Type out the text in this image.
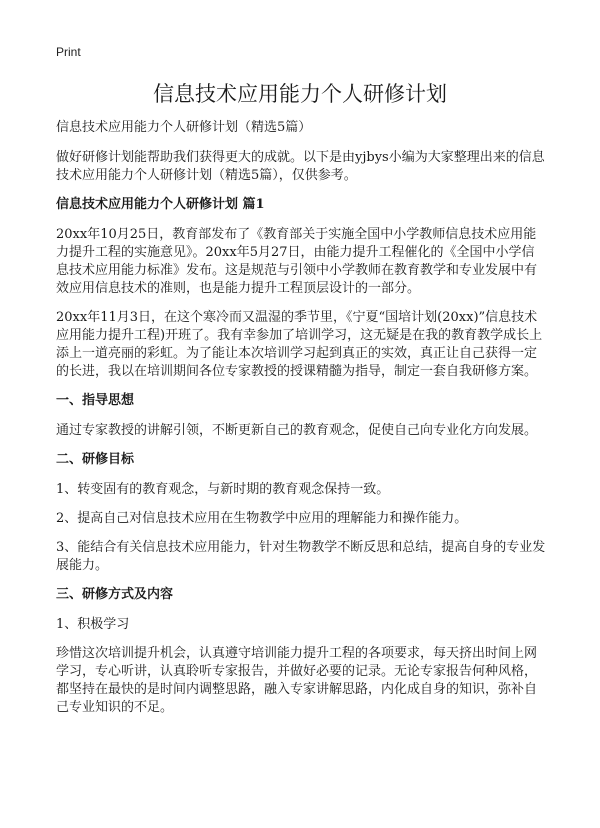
Print
信息技术应用能力个人研修计划

信息技术应用能力个人研修计划（精选5篇）

做好研修计划能帮助我们获得更大的成就。以下是由yjbys小编为大家整理出来的信息技术应用能力个人研修计划（精选5篇），仅供参考。

信息技术应用能力个人研修计划 篇1

20xx年10月25日，教育部发布了《教育部关于实施全国中小学教师信息技术应用能力提升工程的实施意见》。20xx年5月27日，由能力提升工程催化的《全国中小学信息技术应用能力标准》发布。这是规范与引领中小学教师在教育教学和专业发展中有效应用信息技术的准则，也是能力提升工程顶层设计的一部分。

20xx年11月3日，在这个寒冷而又温湿的季节里，《宁夏“国培计划(20xx)”信息技术应用能力提升工程)开班了。我有幸参加了培训学习，这无疑是在我的教育教学成长上添上一道亮丽的彩虹。为了能让本次培训学习起到真正的实效，真正让自己获得一定的长进，我以在培训期间各位专家教授的授课精髓为指导，制定一套自我研修方案。

一、指导思想

通过专家教授的讲解引领，不断更新自己的教育观念，促使自己向专业化方向发展。

二、研修目标

1、转变固有的教育观念，与新时期的教育观念保持一致。

2、提高自己对信息技术应用在生物教学中应用的理解能力和操作能力。

3、能结合有关信息技术应用能力，针对生物教学不断反思和总结，提高自身的专业发展能力。

三、研修方式及内容

1、积极学习

珍惜这次培训提升机会，认真遵守培训能力提升工程的各项要求，每天挤出时间上网学习，专心听讲，认真聆听专家报告，并做好必要的记录。无论专家报告何种风格，都坚持在最快的是时间内调整思路，融入专家讲解思路，内化成自身的知识，弥补自己专业知识的不足。
